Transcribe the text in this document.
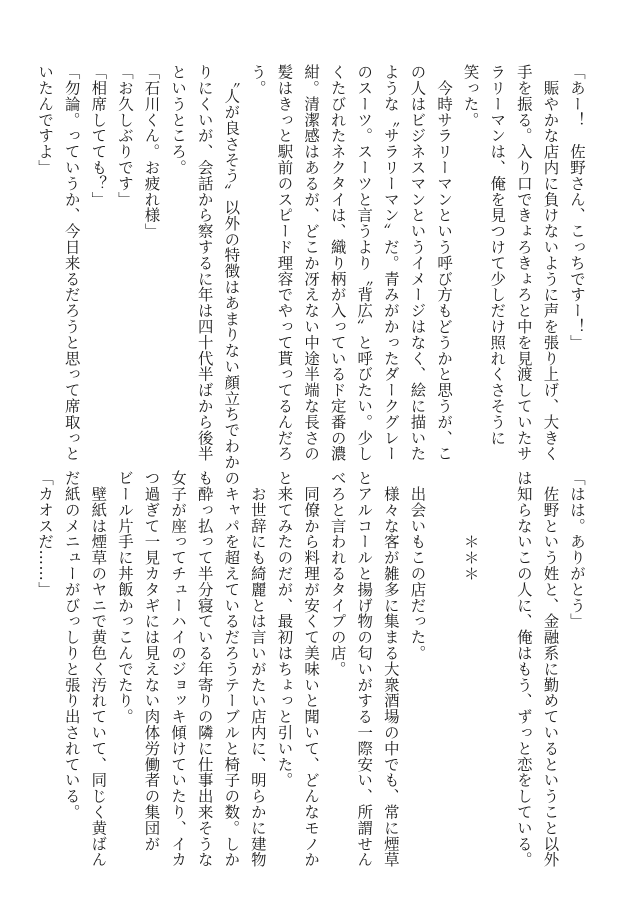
「あー！　佐野さん、こっちですー！」
　賑やかな店内に負けないように声を張り上げ、大きく
手を振る。入り口できょろきょろと中を見渡していたサ
ラリーマンは、俺を見つけて少しだけ照れくさそうに
笑った。
　今時サラリーマンという呼び方もどうかと思うが、こ
の人はビジネスマンというイメージはなく、絵に描いた
ような〝サラリーマン〟だ。青みがかったダークグレー
のスーツ。スーツと言うより〝背広〟と呼びたい。少し
くたびれたネクタイは、織り柄が入っているド定番の濃
紺。清潔感はあるが、どこか冴えない中途半端な長さの
髪はきっと駅前のスピード理容でやって貰ってるんだろ
う。
　〝人が良さそう〟以外の特徴はあまりない顔立ちでわか
りにくいが、会話から察するに年は四十代半ばから後半
というところ。
「石川くん。お疲れ様」
「お久しぶりです」
「相席してても？」
「勿論。っていうか、今日来るだろうと思って席取っと
いたんですよ」
「はは。ありがとう」
　佐野という姓と、金融系に勤めているということ以外
は知らないこの人に、俺はもう、ずっと恋をしている。

　　　　＊＊＊

　出会いもこの店だった。
　様々な客が雑多に集まる大衆酒場の中でも、常に煙草
とアルコールと揚げ物の匂いがする一際安い、所謂せん
べろと言われるタイプの店。
　同僚から料理が安くて美味いと聞いて、どんなモノか
と来てみたのだが、最初はちょっと引いた。
　お世辞にも綺麗とは言いがたい店内に、明らかに建物
のキャパを超えているだろうテーブルと椅子の数。しか
も酔っ払って半分寝ている年寄りの隣に仕事出来そうな
女子が座ってチューハイのジョッキ傾けていたり、イカ
つ過ぎて一見カタギには見えない肉体労働者の集団が
ビール片手に丼飯かっこんでたり。
　壁紙は煙草のヤニで黄色く汚れていて、同じく黄ばん
だ紙のメニューがびっしりと張り出されている。
「カオスだ……」
